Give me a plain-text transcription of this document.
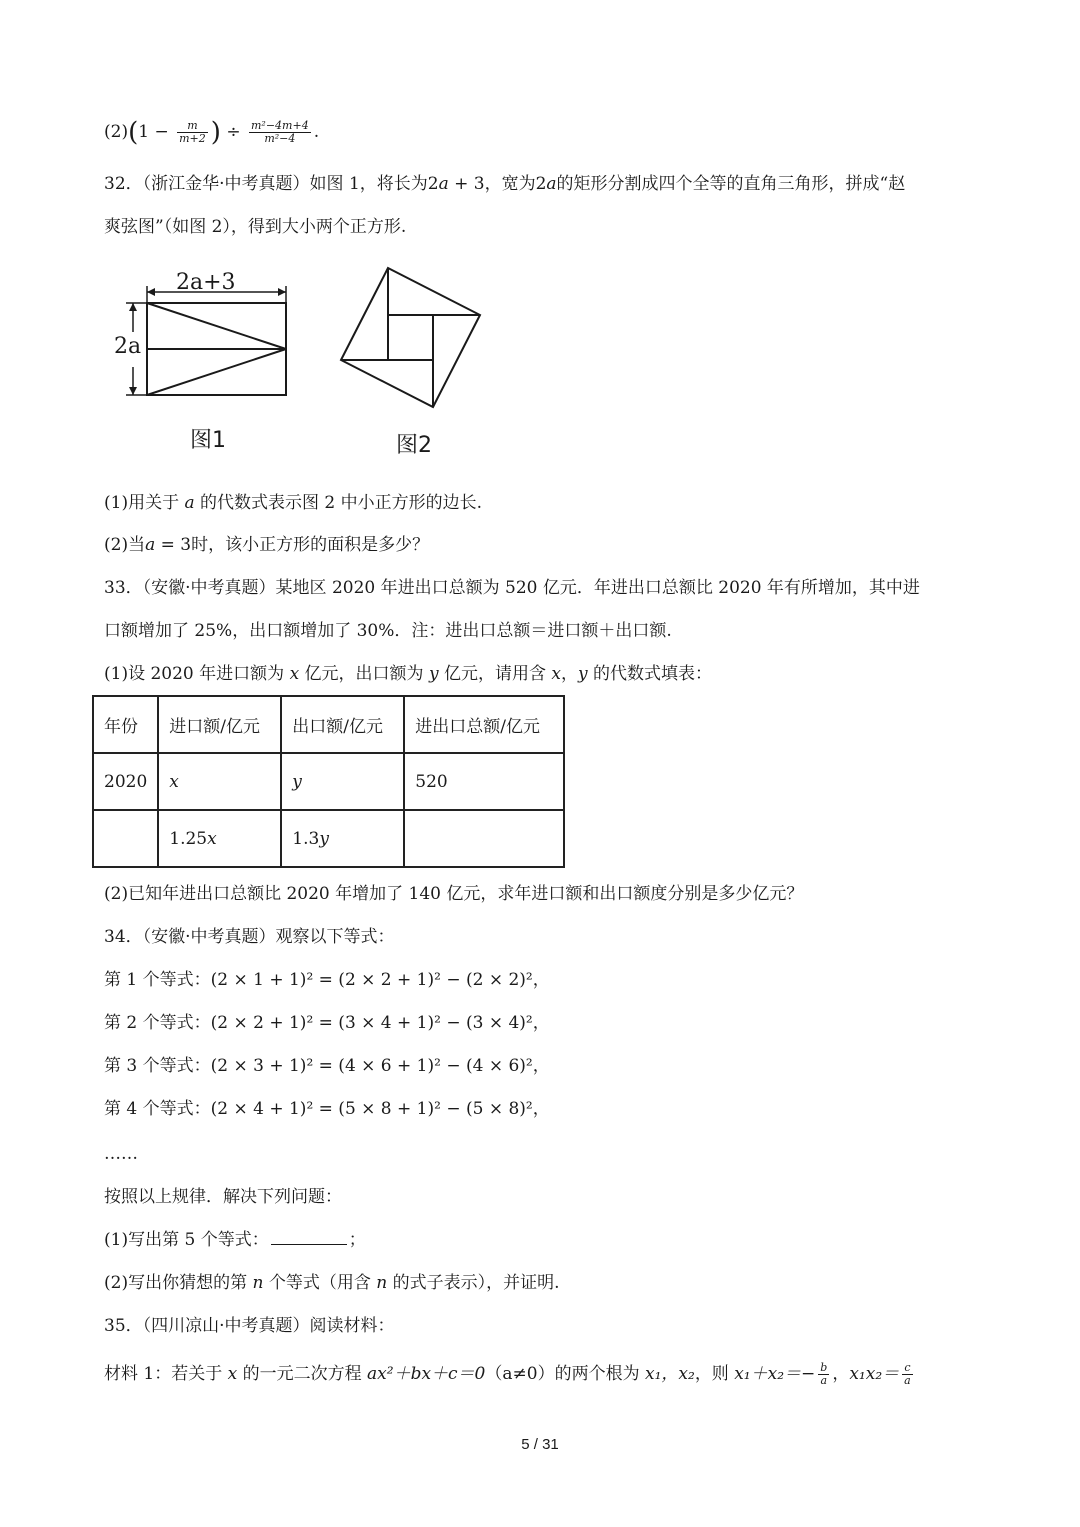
$(2)(1 - \frac{m}{m+2}$ ) ÷ $\frac{\text{m²−4m+4}}{\text{m²−4}}$ .
32．（浙江金华·中考真题）如图 1，将长为2𝑎 + 3，宽为2𝑎的矩形分割成四个全等的直角三角形，拼成“赵
爽弦图”（如图 2），得到大小两个正方形.
2a+3
2a
图1	图2
(1)用关于 a 的代数式表示图 2 中小正方形的边长.
(2)当𝑎 = 3时，该小正方形的面积是多少？
33．（安徽·中考真题）某地区 2020 年进出口总额为 520 亿元．年进出口总额比 2020 年有所增加，其中进
口额增加了 25%，出口额增加了 30%．注：进出口总额＝进口额＋出口额.
(1)设 2020 年进口额为 x 亿元，出口额为 y 亿元，请用含 x，y 的代数式填表：
年份	进口额/亿元	出口额/亿元	进出口总额/亿元
2020	x	y	520
	1.25x	1.3y	
(2)已知年进出口总额比 2020 年增加了 140 亿元，求年进口额和出口额度分别是多少亿元？
34．（安徽·中考真题）观察以下等式：
第 1 个等式：(2 × 1 + 1)² = (2 × 2 + 1)² − (2 × 2)²，
第 2 个等式：(2 × 2 + 1)² = (3 × 4 + 1)² − (3 × 4)²，
第 3 个等式：(2 × 3 + 1)² = (4 × 6 + 1)² − (4 × 6)²，
第 4 个等式：(2 × 4 + 1)² = (5 × 8 + 1)² − (5 × 8)²，
……
按照以上规律．解决下列问题：
(1)写出第 5 个等式：	；
(2)写出你猜想的第 n 个等式（用含 n 的式子表示），并证明.
35．（四川凉山·中考真题）阅读材料：
材料 1：若关于 x 的一元二次方程 ax²＋bx＋c＝0（a≠0）的两个根为 x₁，x₂，则 $x_1+x_2=- \frac{b}{a}$ ，$x_1x_2= \frac{c}{a}$
5 / 31
